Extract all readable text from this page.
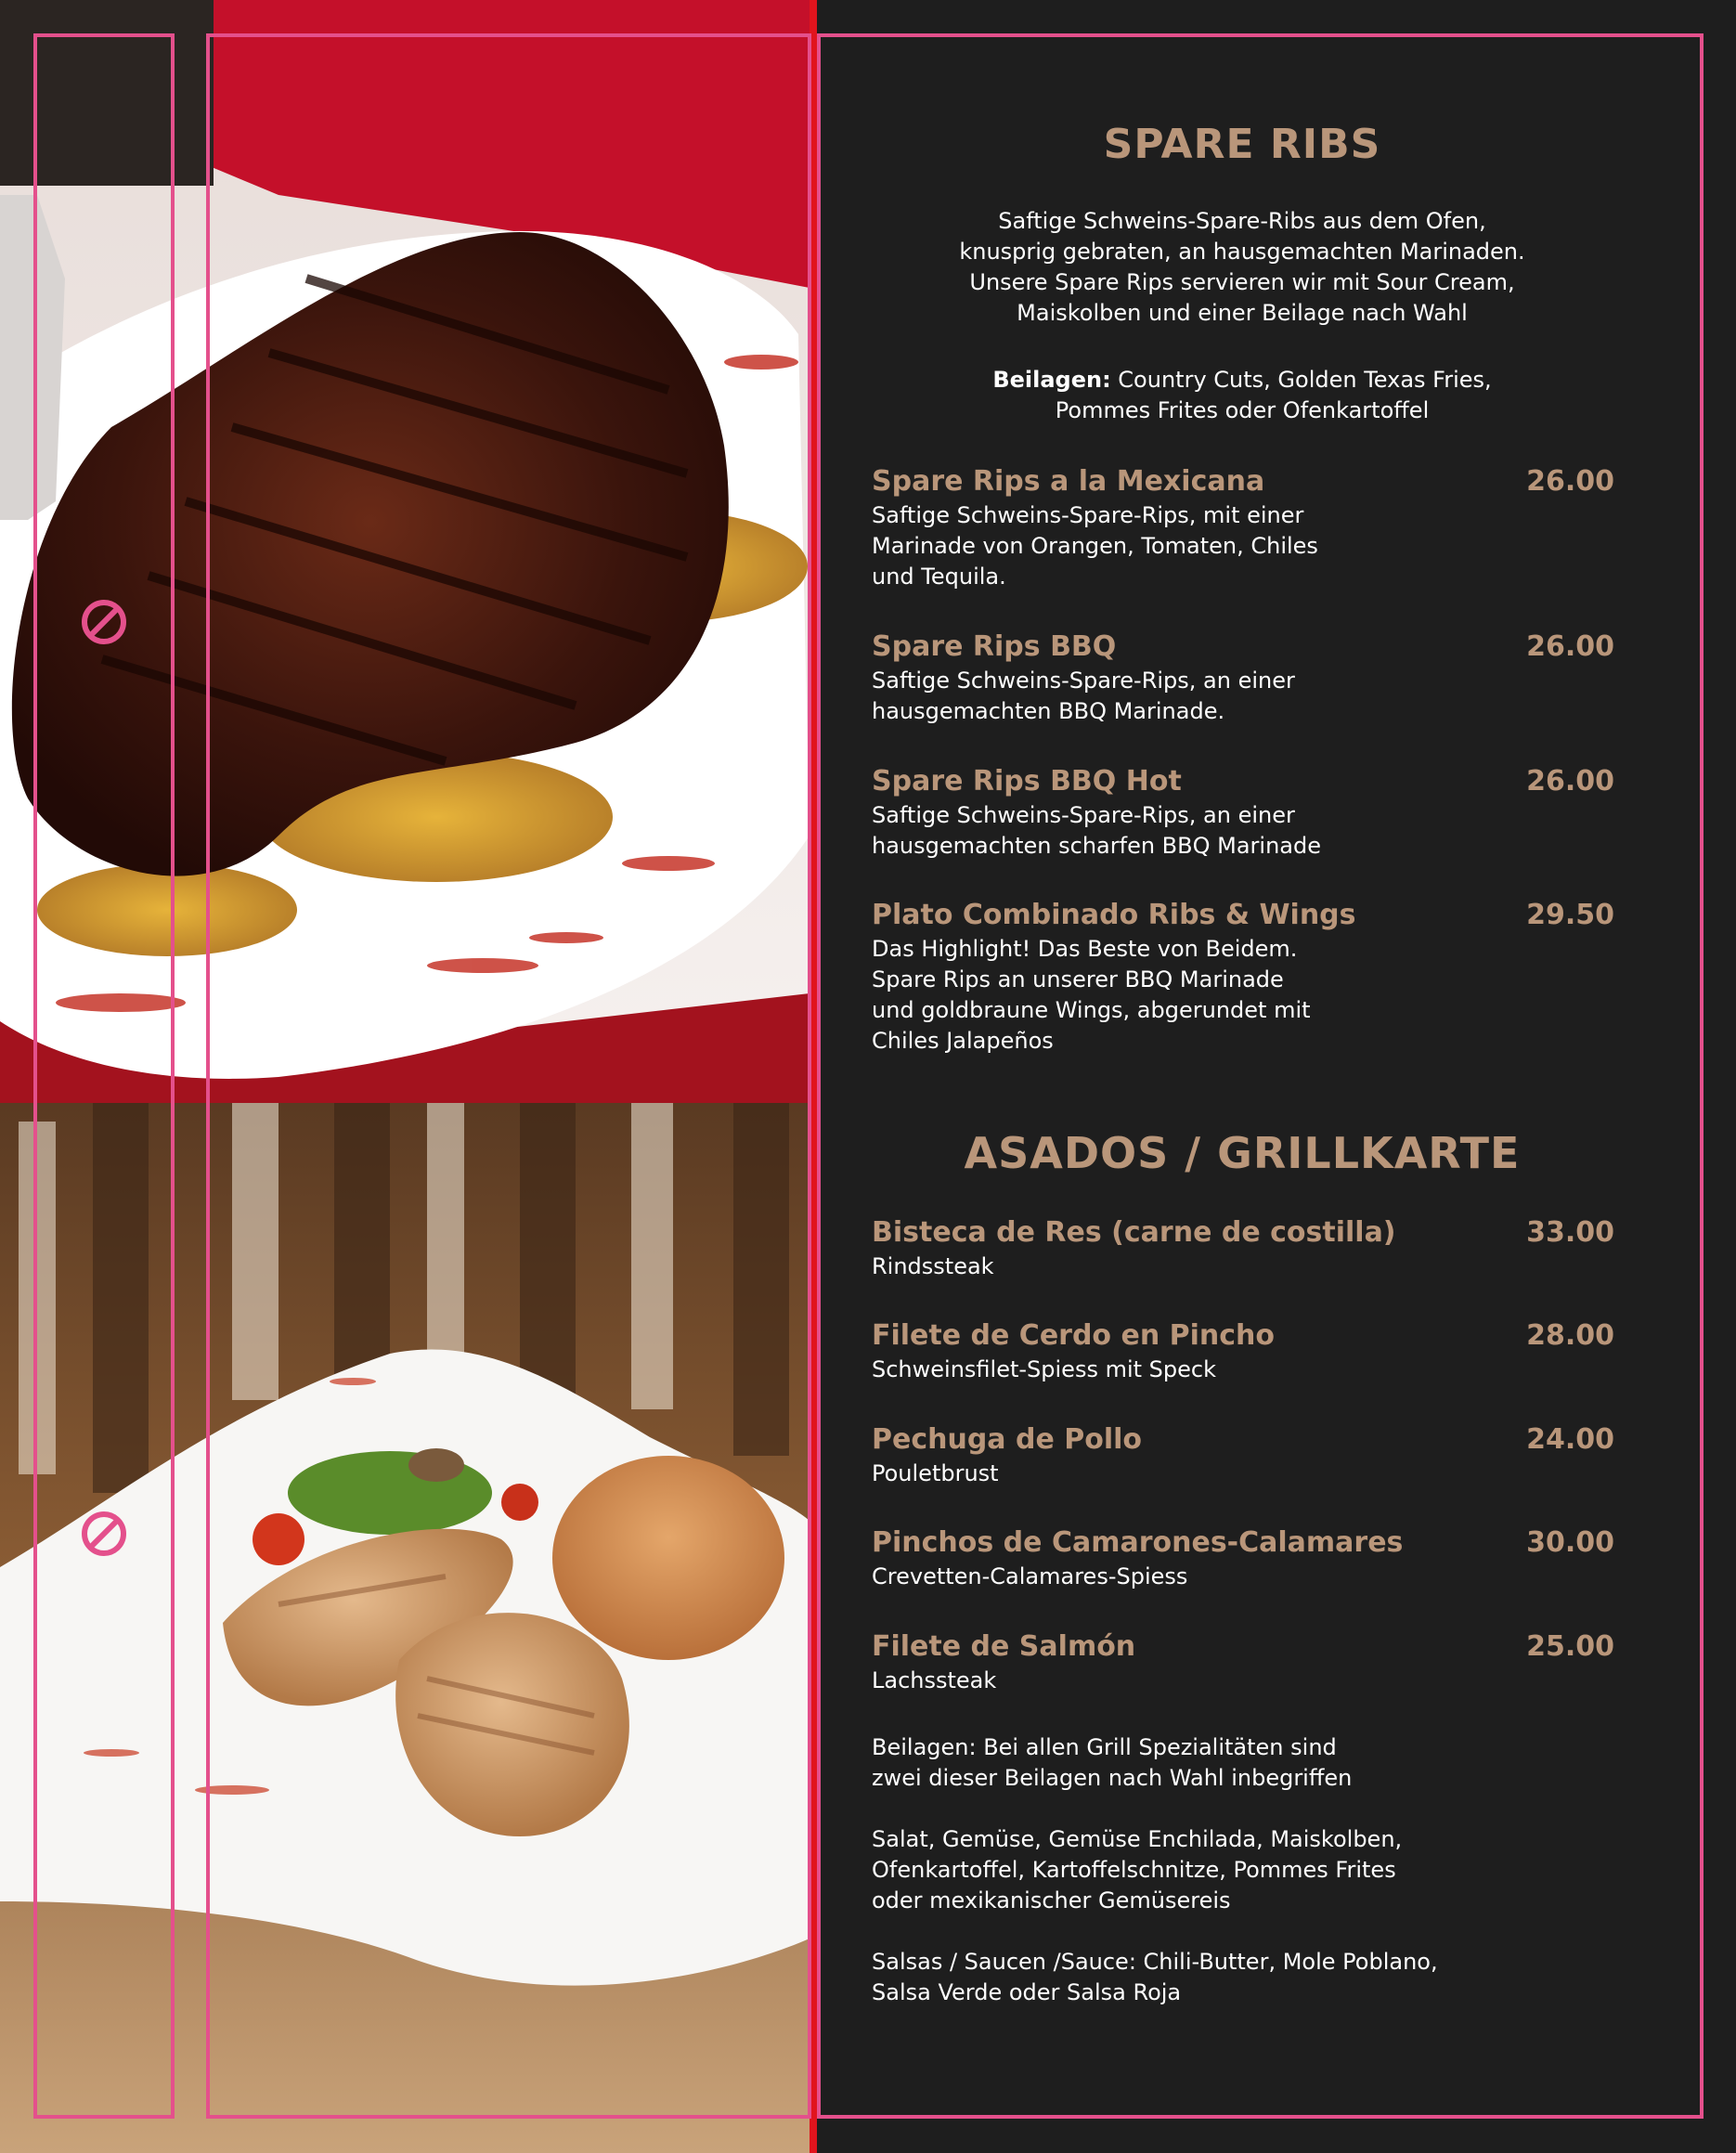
SPARE RIBS

Saftige Schweins-Spare-Ribs aus dem Ofen,
knusprig gebraten, an hausgemachten Marinaden.
Unsere Spare Rips servieren wir mit Sour Cream,
Maiskolben und einer Beilage nach Wahl

Beilagen: Country Cuts, Golden Texas Fries,
Pommes Frites oder Ofenkartoffel

Spare Rips a la Mexicana	26.00
Saftige Schweins-Spare-Rips, mit einer
Marinade von Orangen, Tomaten, Chiles
und Tequila.
Spare Rips BBQ	26.00
Saftige Schweins-Spare-Rips, an einer
hausgemachten BBQ Marinade.
Spare Rips BBQ Hot	26.00
Saftige Schweins-Spare-Rips, an einer
hausgemachten scharfen BBQ Marinade
Plato Combinado Ribs & Wings	29.50
Das Highlight! Das Beste von Beidem.
Spare Rips an unserer BBQ Marinade
und goldbraune Wings, abgerundet mit
Chiles Jalapeños
ASADOS / GRILLKARTE
Bisteca de Res (carne de costilla)	33.00
Rindssteak
Filete de Cerdo en Pincho	28.00
Schweinsfilet-Spiess mit Speck
Pechuga de Pollo	24.00
Pouletbrust
Pinchos de Camarones-Calamares	30.00
Crevetten-Calamares-Spiess
Filete de Salmón	25.00
Lachssteak
Beilagen: Bei allen Grill Spezialitäten sind
zwei dieser Beilagen nach Wahl inbegriffen
Salat, Gemüse, Gemüse Enchilada, Maiskolben,
Ofenkartoffel, Kartoffelschnitze, Pommes Frites
oder mexikanischer Gemüsereis
Salsas / Saucen /Sauce: Chili-Butter, Mole Poblano,
Salsa Verde oder Salsa Roja
